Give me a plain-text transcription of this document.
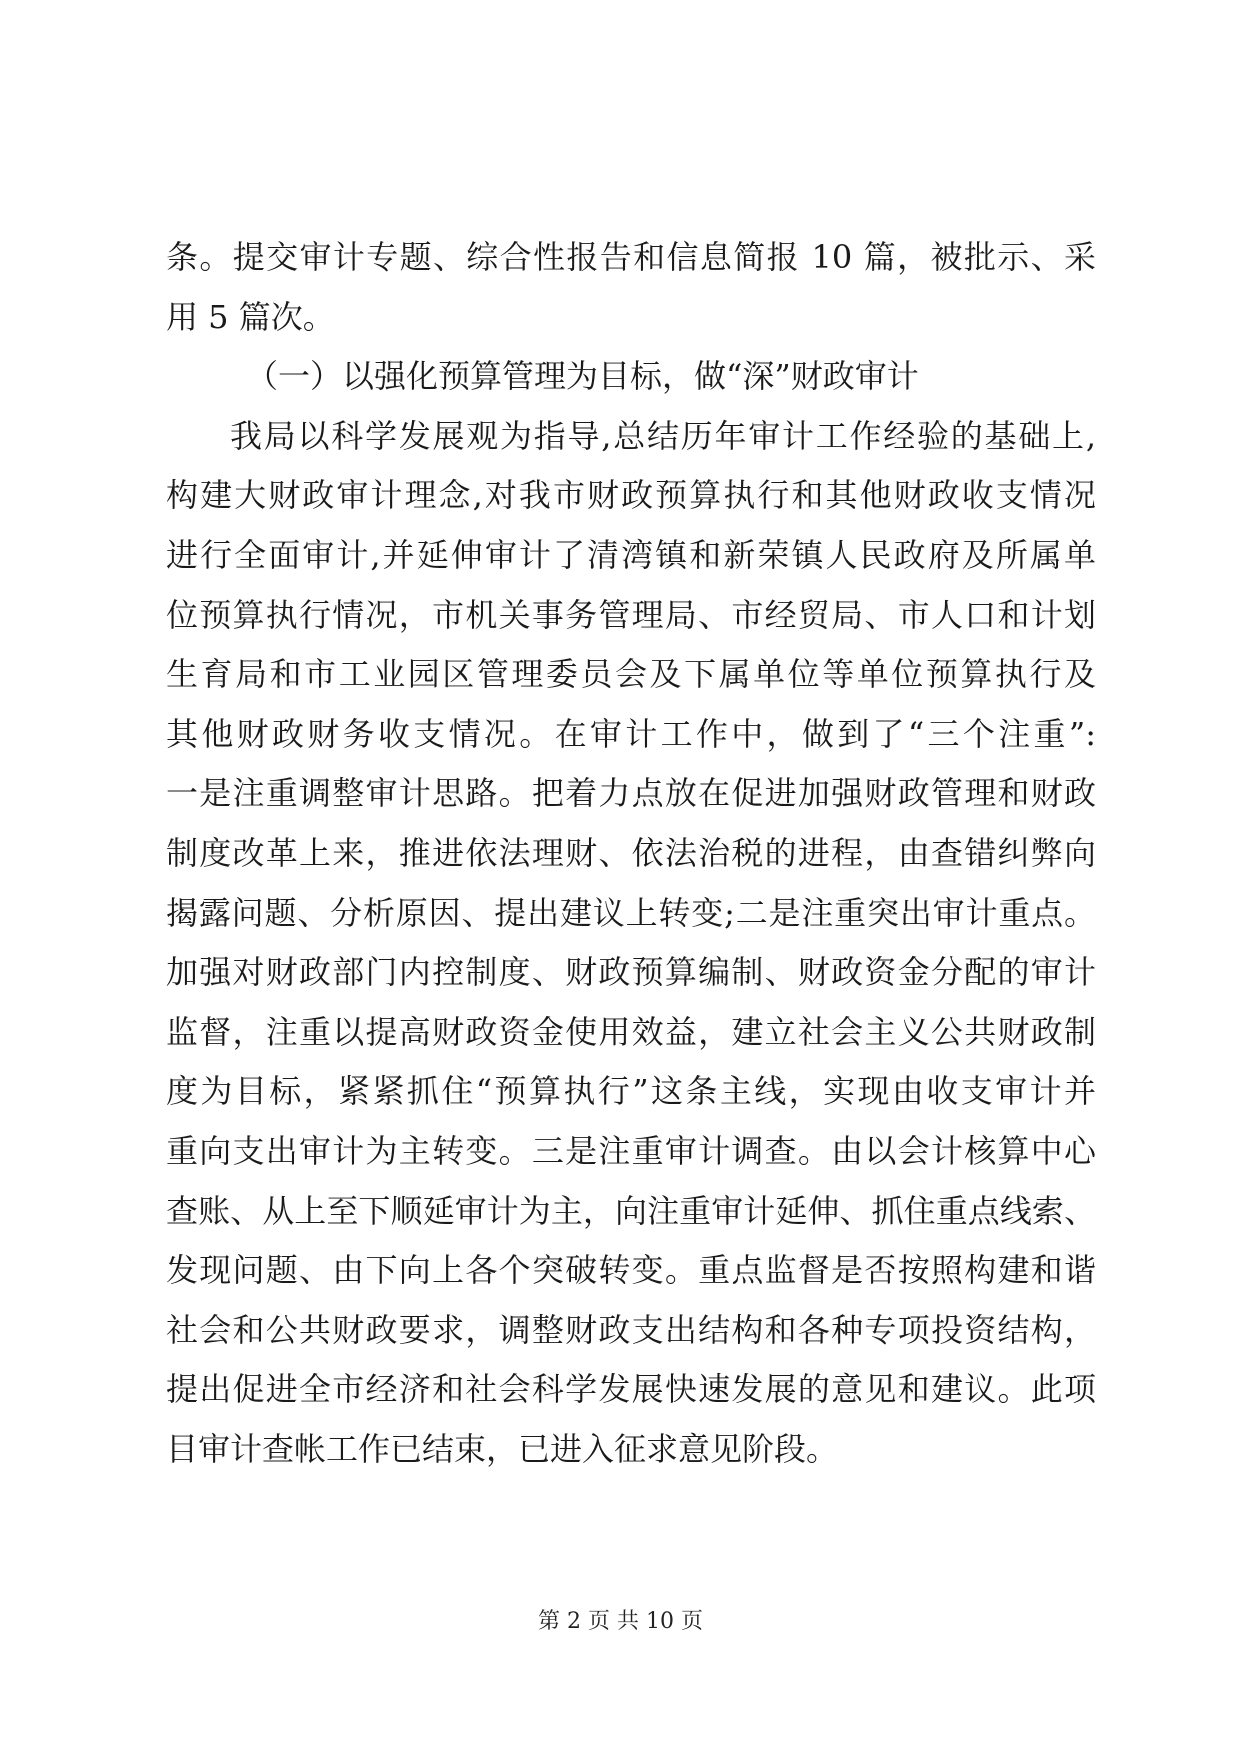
条。提交审计专题、综合性报告和信息简报 10 篇，被批示、采
用 5 篇次。
（一）以强化预算管理为目标，做“深”财政审计
我局以科学发展观为指导,总结历年审计工作经验的基础上,
构建大财政审计理念,对我市财政预算执行和其他财政收支情况
进行全面审计,并延伸审计了清湾镇和新荣镇人民政府及所属单
位预算执行情况，市机关事务管理局、市经贸局、市人口和计划
生育局和市工业园区管理委员会及下属单位等单位预算执行及
其他财政财务收支情况。在审计工作中，做到了“三个注重”:
一是注重调整审计思路。把着力点放在促进加强财政管理和财政
制度改革上来，推进依法理财、依法治税的进程，由查错纠弊向
揭露问题、分析原因、提出建议上转变;二是注重突出审计重点。
加强对财政部门内控制度、财政预算编制、财政资金分配的审计
监督，注重以提高财政资金使用效益，建立社会主义公共财政制
度为目标，紧紧抓住“预算执行”这条主线，实现由收支审计并
重向支出审计为主转变。三是注重审计调查。由以会计核算中心
查账、从上至下顺延审计为主，向注重审计延伸、抓住重点线索、
发现问题、由下向上各个突破转变。重点监督是否按照构建和谐
社会和公共财政要求，调整财政支出结构和各种专项投资结构，
提出促进全市经济和社会科学发展快速发展的意见和建议。此项
目审计查帐工作已结束，已进入征求意见阶段。
第 2 页 共 10 页
